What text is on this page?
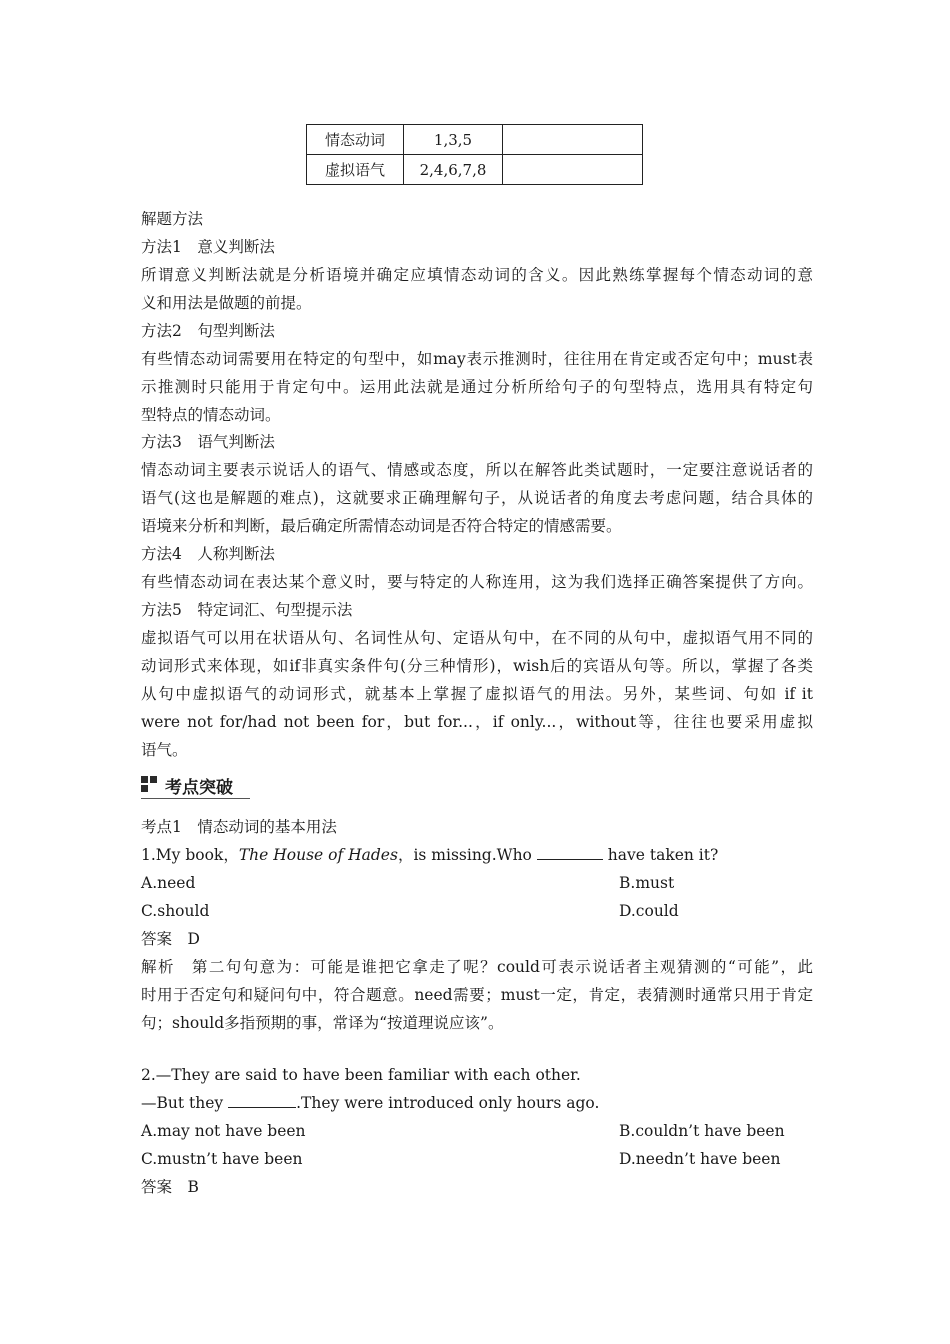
情态动词	1,3,5	
虚拟语气	2,4,6,7,8	
解题方法
方法1　意义判断法
所谓意义判断法就是分析语境并确定应填情态动词的含义。因此熟练掌握每个情态动词的意
义和用法是做题的前提。
方法2　句型判断法
有些情态动词需要用在特定的句型中，如may表示推测时，往往用在肯定或否定句中；must表
示推测时只能用于肯定句中。运用此法就是通过分析所给句子的句型特点，选用具有特定句
型特点的情态动词。
方法3　语气判断法
情态动词主要表示说话人的语气、情感或态度，所以在解答此类试题时，一定要注意说话者的
语气(这也是解题的难点)，这就要求正确理解句子，从说话者的角度去考虑问题，结合具体的
语境来分析和判断，最后确定所需情态动词是否符合特定的情感需要。
方法4　人称判断法
有些情态动词在表达某个意义时，要与特定的人称连用，这为我们选择正确答案提供了方向。
方法5　特定词汇、句型提示法
虚拟语气可以用在状语从句、名词性从句、定语从句中，在不同的从句中，虚拟语气用不同的
动词形式来体现，如if非真实条件句(分三种情形)，wish后的宾语从句等。所以，掌握了各类
从句中虚拟语气的动词形式，就基本上掌握了虚拟语气的用法。另外，某些词、句如 if it
were not for/had not been for，but for...，if only...，without等，往往也要采用虚拟
语气。
考点突破
考点1　情态动词的基本用法
1.My book，The House of Hades，is missing.Who	have taken it?
A.need	B.must
C.should	D.could
答案　D
解析　第二句句意为：可能是谁把它拿走了呢？could可表示说话者主观猜测的“可能”，此
时用于否定句和疑问句中，符合题意。need需要；must一定，肯定，表猜测时通常只用于肯定
句；should多指预期的事，常译为“按道理说应该”。
2.—They are said to have been familiar with each other.
—But they	.They were introduced only hours ago.
A.may not have been	B.couldn’t have been
C.mustn’t have been	D.needn’t have been
答案　B
